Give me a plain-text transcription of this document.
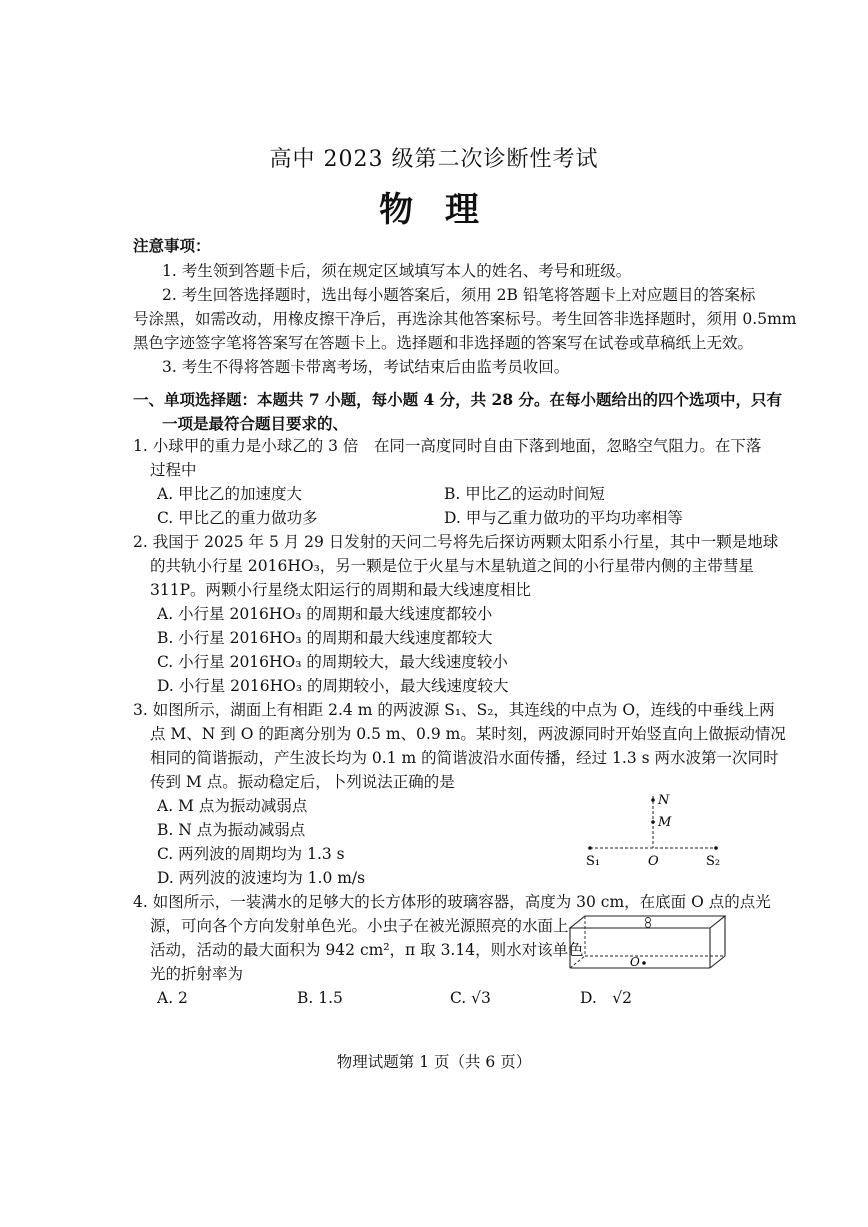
高中 2023 级第二次诊断性考试
物 理
注意事项：
1. 考生领到答题卡后，须在规定区域填写本人的姓名、考号和班级。
2. 考生回答选择题时，选出每小题答案后，须用 2B 铅笔将答题卡上对应题目的答案标
号涂黑，如需改动，用橡皮擦干净后，再选涂其他答案标号。考生回答非选择题时，须用 0.5mm
黑色字迹签字笔将答案写在答题卡上。选择题和非选择题的答案写在试卷或草稿纸上无效。
3. 考生不得将答题卡带离考场，考试结束后由监考员收回。
一、单项选择题：本题共 7 小题，每小题 4 分，共 28 分。在每小题给出的四个选项中，只有
一项是最符合题目要求的、
1. 小球甲的重力是小球乙的 3 倍　在同一高度同时自由下落到地面，忽略空气阻力。在下落
过程中
A. 甲比乙的加速度大	B. 甲比乙的运动时间短
C. 甲比乙的重力做功多	D. 甲与乙重力做功的平均功率相等
2. 我国于 2025 年 5 月 29 日发射的天问二号将先后探访两颗太阳系小行星，其中一颗是地球
的共轨小行星 2016HO₃，另一颗是位于火星与木星轨道之间的小行星带内侧的主带彗星
311P。两颗小行星绕太阳运行的周期和最大线速度相比
A. 小行星 2016HO₃ 的周期和最大线速度都较小
B. 小行星 2016HO₃ 的周期和最大线速度都较大
C. 小行星 2016HO₃ 的周期较大，最大线速度较小
D. 小行星 2016HO₃ 的周期较小，最大线速度较大
3. 如图所示，湖面上有相距 2.4 m 的两波源 S₁、S₂，其连线的中点为 O，连线的中垂线上两
点 M、N 到 O 的距离分别为 0.5 m、0.9 m。某时刻，两波源同时开始竖直向上做振动情况
相同的简谐振动，产生波长均为 0.1 m 的简谐波沿水面传播，经过 1.3 s 两水波第一次同时
传到 M 点。振动稳定后，卜列说法正确的是
A. M 点为振动减弱点
B. N 点为振动减弱点
C. 两列波的周期均为 1.3 s
D. 两列波的波速均为 1.0 m/s
N
M
O
S₁	S₂
4. 如图所示，一装满水的足够大的长方体形的玻璃容器，高度为 30 cm，在底面 O 点的点光
源，可向各个方向发射单色光。小虫子在被光源照亮的水面上
活动，活动的最大面积为 942 cm²，π 取 3.14，则水对该单色
光的折射率为
O
A. 2	B. 1.5	C. √3	D.　√2
物理试题第 1 页（共 6 页）
